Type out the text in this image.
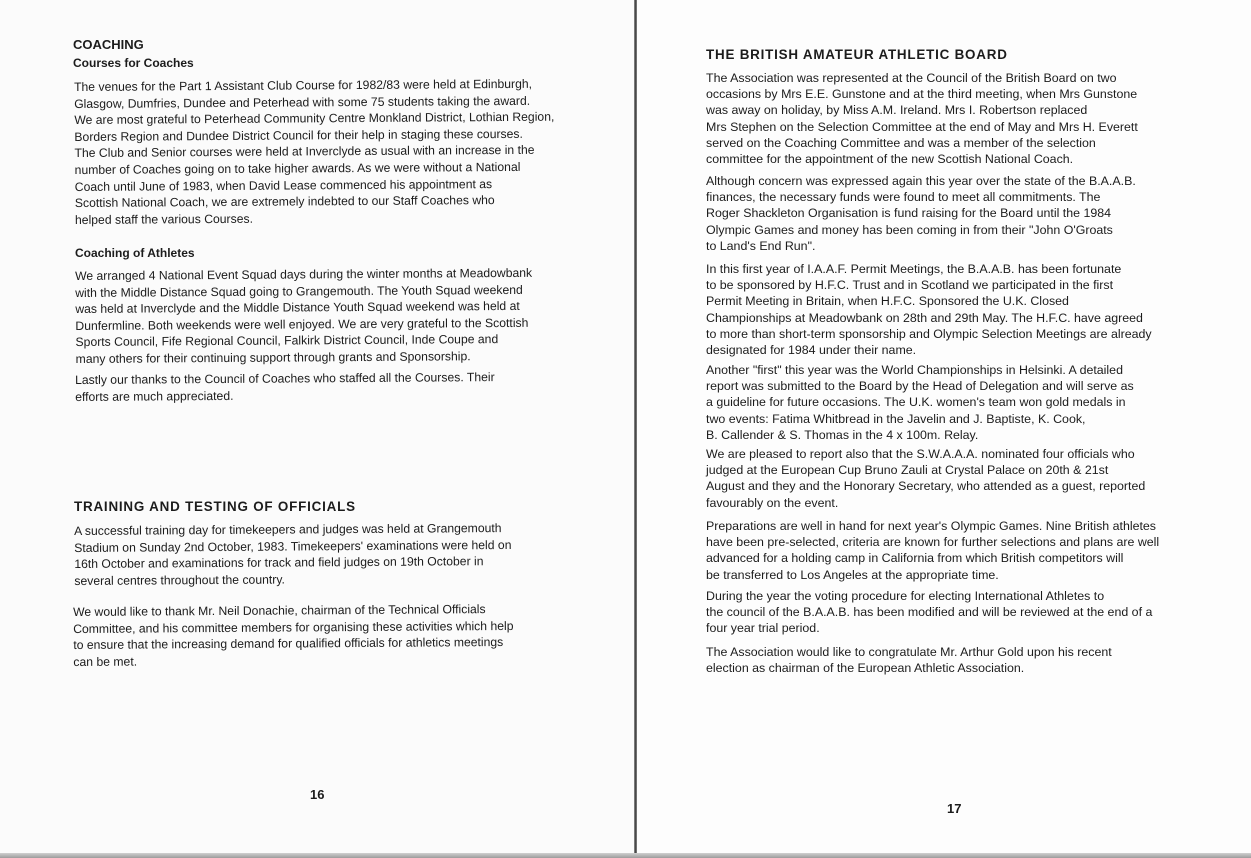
COACHING
Courses for Coaches
The venues for the Part 1 Assistant Club Course for 1982/83 were held at Edinburgh,
Glasgow, Dumfries, Dundee and Peterhead with some 75 students taking the award.
We are most grateful to Peterhead Community Centre Monkland District, Lothian Region,
Borders Region and Dundee District Council for their help in staging these courses.
The Club and Senior courses were held at Inverclyde as usual with an increase in the
number of Coaches going on to take higher awards. As we were without a National
Coach until June of 1983, when David Lease commenced his appointment as
Scottish National Coach, we are extremely indebted to our Staff Coaches who
helped staff the various Courses.
Coaching of Athletes
We arranged 4 National Event Squad days during the winter months at Meadowbank
with the Middle Distance Squad going to Grangemouth. The Youth Squad weekend
was held at Inverclyde and the Middle Distance Youth Squad weekend was held at
Dunfermline. Both weekends were well enjoyed. We are very grateful to the Scottish
Sports Council, Fife Regional Council, Falkirk District Council, Inde Coupe and
many others for their continuing support through grants and Sponsorship.
Lastly our thanks to the Council of Coaches who staffed all the Courses. Their
efforts are much appreciated.
TRAINING AND TESTING OF OFFICIALS
A successful training day for timekeepers and judges was held at Grangemouth
Stadium on Sunday 2nd October, 1983. Timekeepers' examinations were held on
16th October and examinations for track and field judges on 19th October in
several centres throughout the country.
We would like to thank Mr. Neil Donachie, chairman of the Technical Officials
Committee, and his committee members for organising these activities which help
to ensure that the increasing demand for qualified officials for athletics meetings
can be met.
16
THE BRITISH AMATEUR ATHLETIC BOARD
The Association was represented at the Council of the British Board on two
occasions by Mrs E.E. Gunstone and at the third meeting, when Mrs Gunstone
was away on holiday, by Miss A.M. Ireland. Mrs I. Robertson replaced
Mrs Stephen on the Selection Committee at the end of May and Mrs H. Everett
served on the Coaching Committee and was a member of the selection
committee for the appointment of the new Scottish National Coach.
Although concern was expressed again this year over the state of the B.A.A.B.
finances, the necessary funds were found to meet all commitments. The
Roger Shackleton Organisation is fund raising for the Board until the 1984
Olympic Games and money has been coming in from their "John O'Groats
to Land's End Run".
In this first year of I.A.A.F. Permit Meetings, the B.A.A.B. has been fortunate
to be sponsored by H.F.C. Trust and in Scotland we participated in the first
Permit Meeting in Britain, when H.F.C. Sponsored the U.K. Closed
Championships at Meadowbank on 28th and 29th May. The H.F.C. have agreed
to more than short-term sponsorship and Olympic Selection Meetings are already
designated for 1984 under their name.
Another "first" this year was the World Championships in Helsinki. A detailed
report was submitted to the Board by the Head of Delegation and will serve as
a guideline for future occasions. The U.K. women's team won gold medals in
two events: Fatima Whitbread in the Javelin and J. Baptiste, K. Cook,
B. Callender & S. Thomas in the 4 x 100m. Relay.
We are pleased to report also that the S.W.A.A.A. nominated four officials who
judged at the European Cup Bruno Zauli at Crystal Palace on 20th & 21st
August and they and the Honorary Secretary, who attended as a guest, reported
favourably on the event.
Preparations are well in hand for next year's Olympic Games. Nine British athletes
have been pre-selected, criteria are known for further selections and plans are well
advanced for a holding camp in California from which British competitors will
be transferred to Los Angeles at the appropriate time.
During the year the voting procedure for electing International Athletes to
the council of the B.A.A.B. has been modified and will be reviewed at the end of a
four year trial period.
The Association would like to congratulate Mr. Arthur Gold upon his recent
election as chairman of the European Athletic Association.
17
